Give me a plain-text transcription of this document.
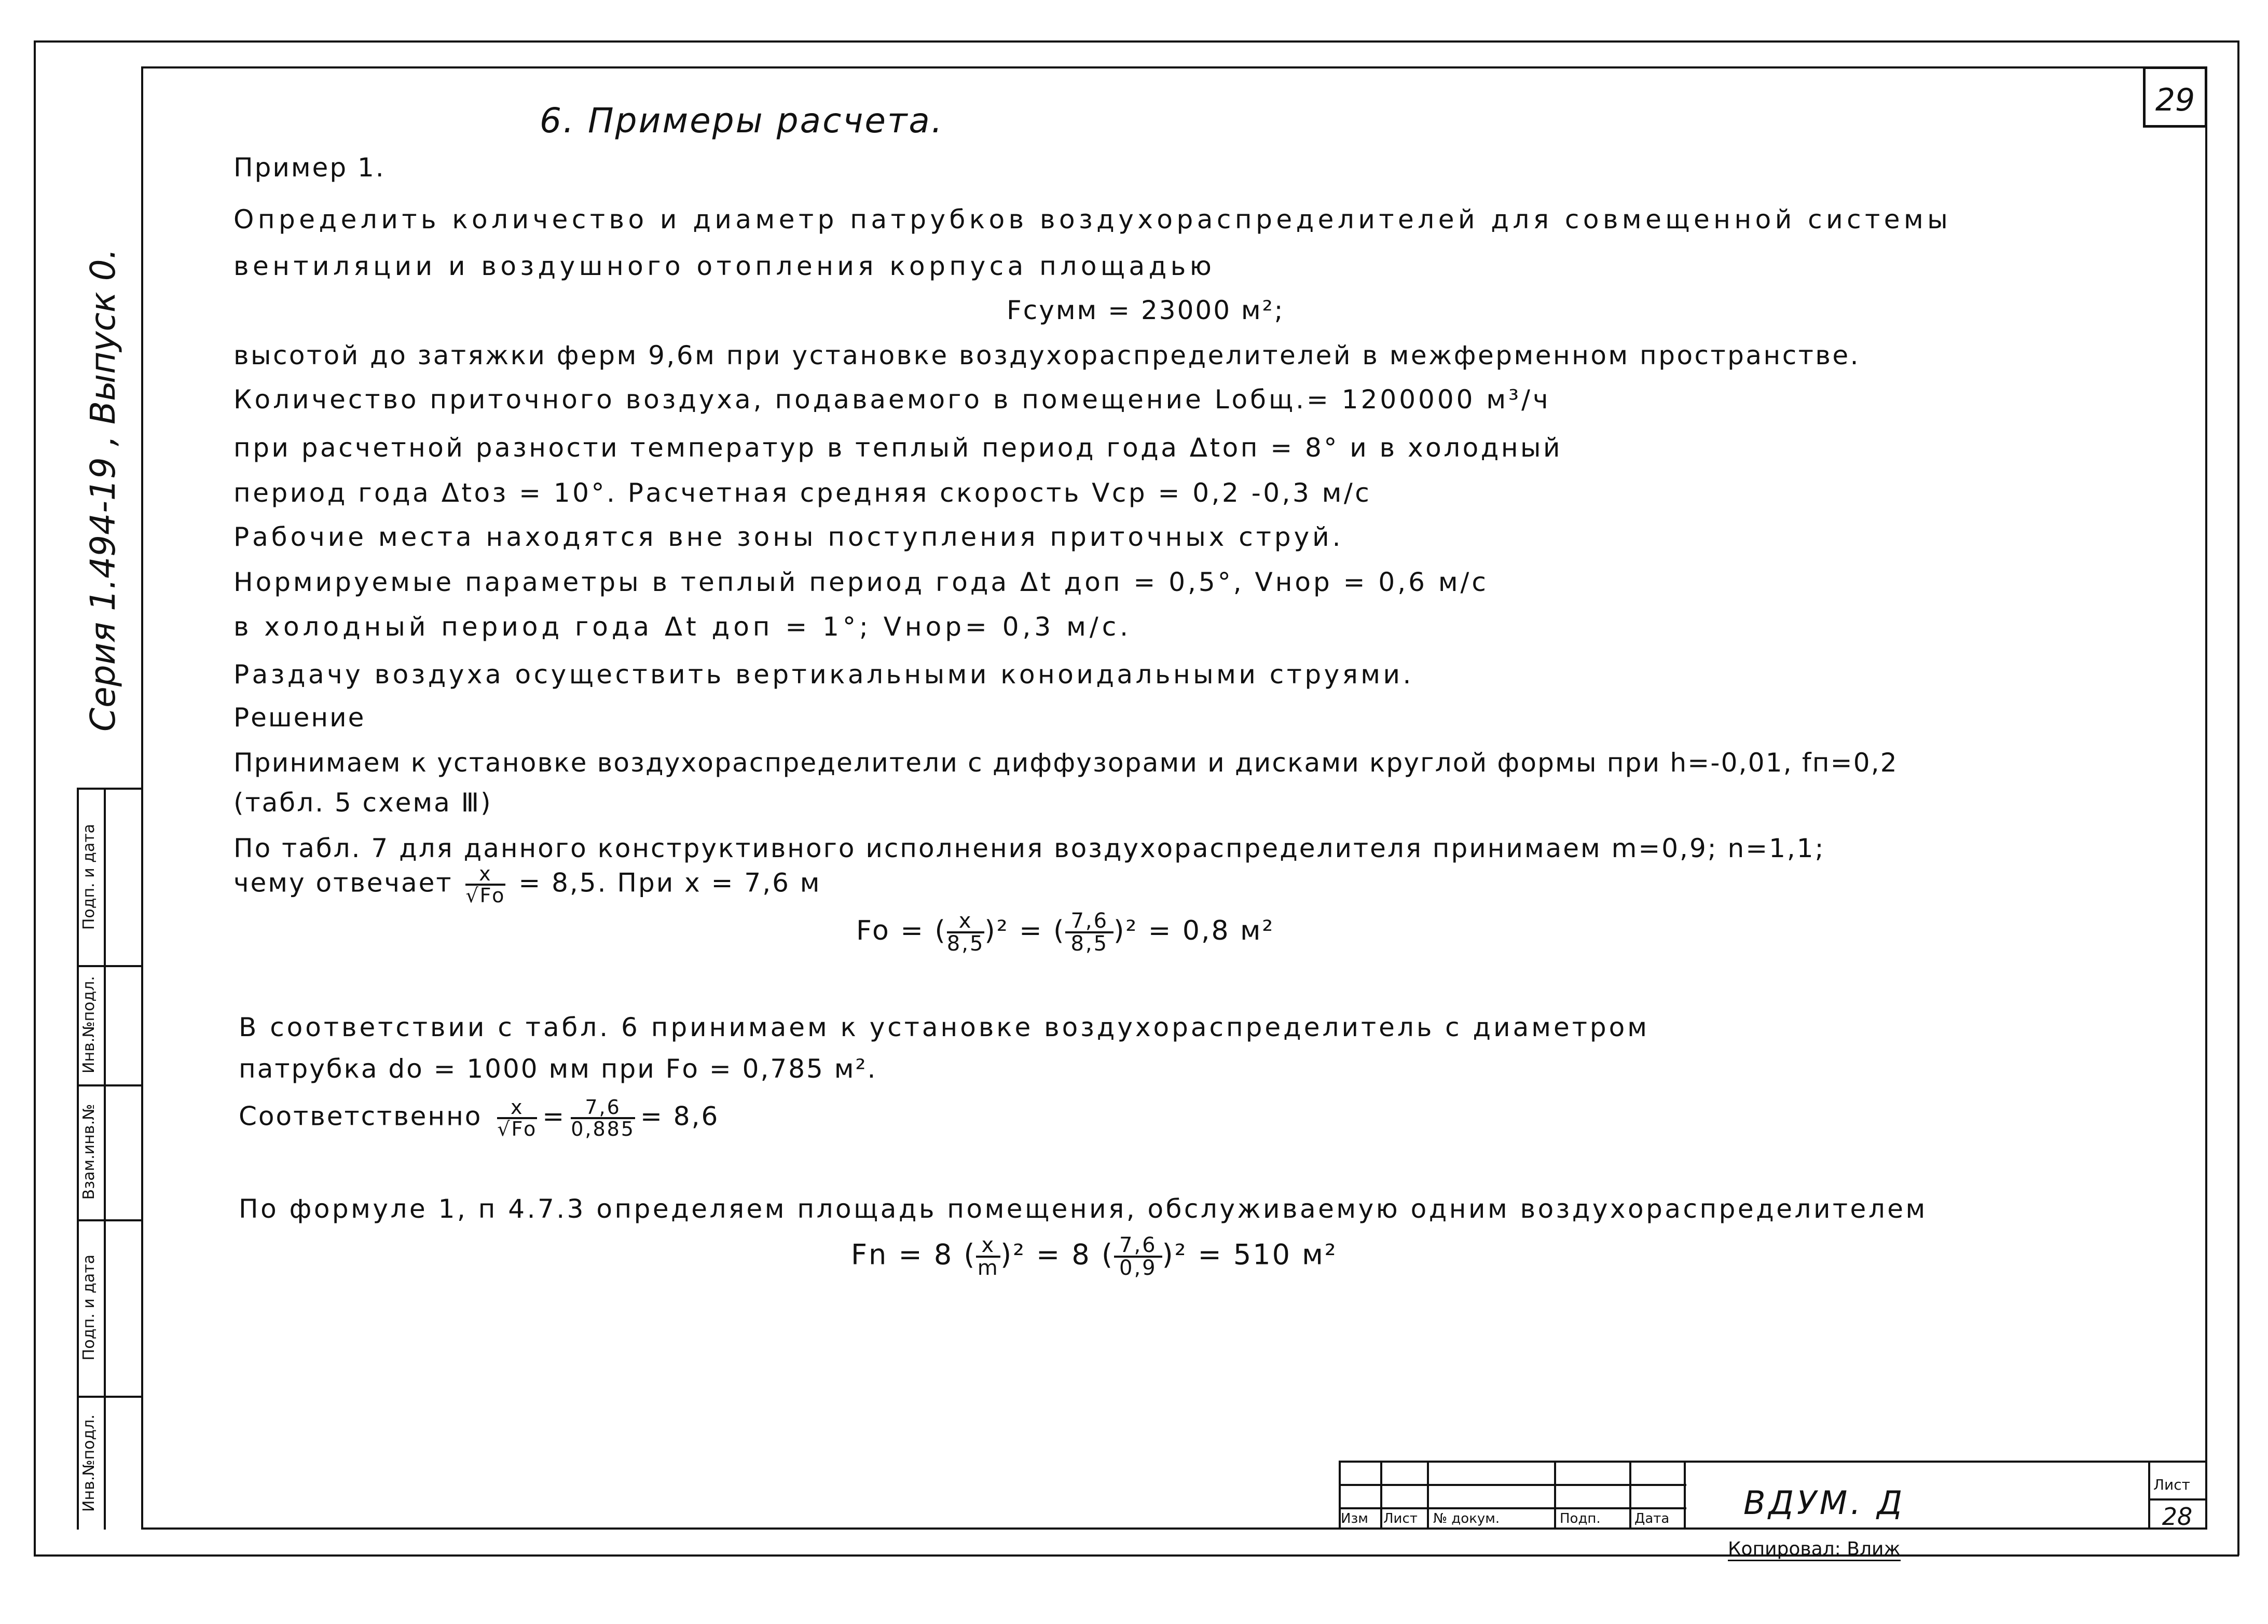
29
Серия 1.494-19 , Выпуск 0.
Подп. и дата
Инв.№подл.
Взам.инв.№
Подп. и дата
Инв.№подл.
6. Примеры расчета.
Пример 1.
Определить количество и диаметр патрубков воздухораспределителей для совмещенной системы
вентиляции и воздушного отопления корпуса площадью
Fсумм = 23000 м²;
высотой до затяжки ферм 9,6м при установке воздухораспределителей в межферменном пространстве.
Количество приточного воздуха, подаваемого в помещение Lобщ.= 1200000 м³/ч
при расчетной разности температур в теплый период года Δtоп = 8° и в холодный
период года Δtоз = 10°. Расчетная средняя скорость Vср = 0,2 -0,3 м/с
Рабочие места находятся вне зоны поступления приточных струй.
Нормируемые параметры в теплый период года Δt доп = 0,5°, Vнор = 0,6 м/с
в холодный период года Δt доп = 1°; Vнор= 0,3 м/с.
Раздачу воздуха осуществить вертикальными коноидальными струями.
Решение
Принимаем к установке воздухораспределители с диффузорами и дисками круглой формы при h=-0,01, fп=0,2
(табл. 5 схема Ⅲ)
По табл. 7 для данного конструктивного исполнения воздухораспределителя принимаем m=0,9; n=1,1;
чему отвечает $\frac{x}{√Fo} = 8,5$. При x = 7,6 м
Fo = ( $\frac{x}{8,5} )^2$ = ( $\frac{7,6}{8,5} )^2 = 0,8$ м²
В соответствии с табл. 6 принимаем к установке воздухораспределитель с диаметром
патрубка dо = 1000 мм при Fо = 0,785 м².
Соответственно $\frac{x}{√Fo} = \frac{7,6}{0,885} = 8,6$
По формуле 1, п 4.7.3 определяем площадь помещения, обслуживаемую одним воздухораспределителем
Fn = 8 ( $\frac{x}{m} )^2 = 8$ ( $\frac{7,6}{0,9} )^2 = 510$ м²
Изм Лист № докум.	Подп.	Дата ВДУМ. Д	Лист
28
Копировал: Влиж
